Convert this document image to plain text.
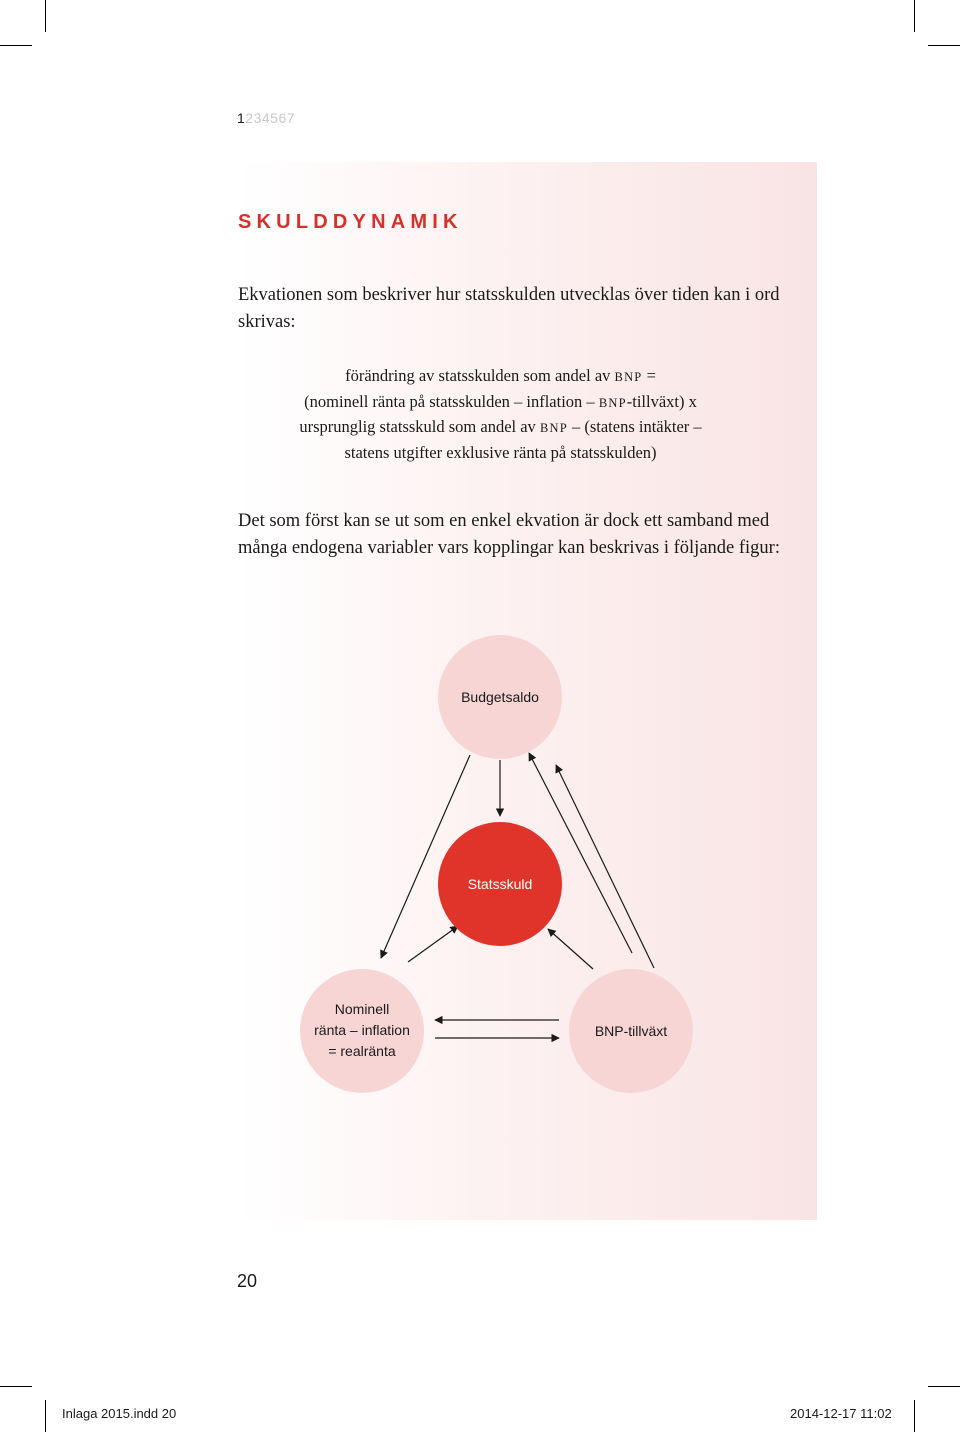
1234567
SKULDDYNAMIK

Ekvationen som beskriver hur statsskulden utvecklas över tiden kan i ord skrivas:

förändring av statsskulden som andel av BNP =
(nominell ränta på statsskulden – inflation – BNP-tillväxt) x
ursprunglig statsskuld som andel av BNP – (statens intäkter –
statens utgifter exklusive ränta på statsskulden)

Det som först kan se ut som en enkel ekvation är dock ett samband med många endogena variabler vars kopplingar kan beskrivas i följande figur:

Budgetsaldo
Statsskuld
Nominell
ränta – inflation
= realränta
BNP-tillväxt
20
Inlaga 2015.indd 20	2014-12-17 11:02
